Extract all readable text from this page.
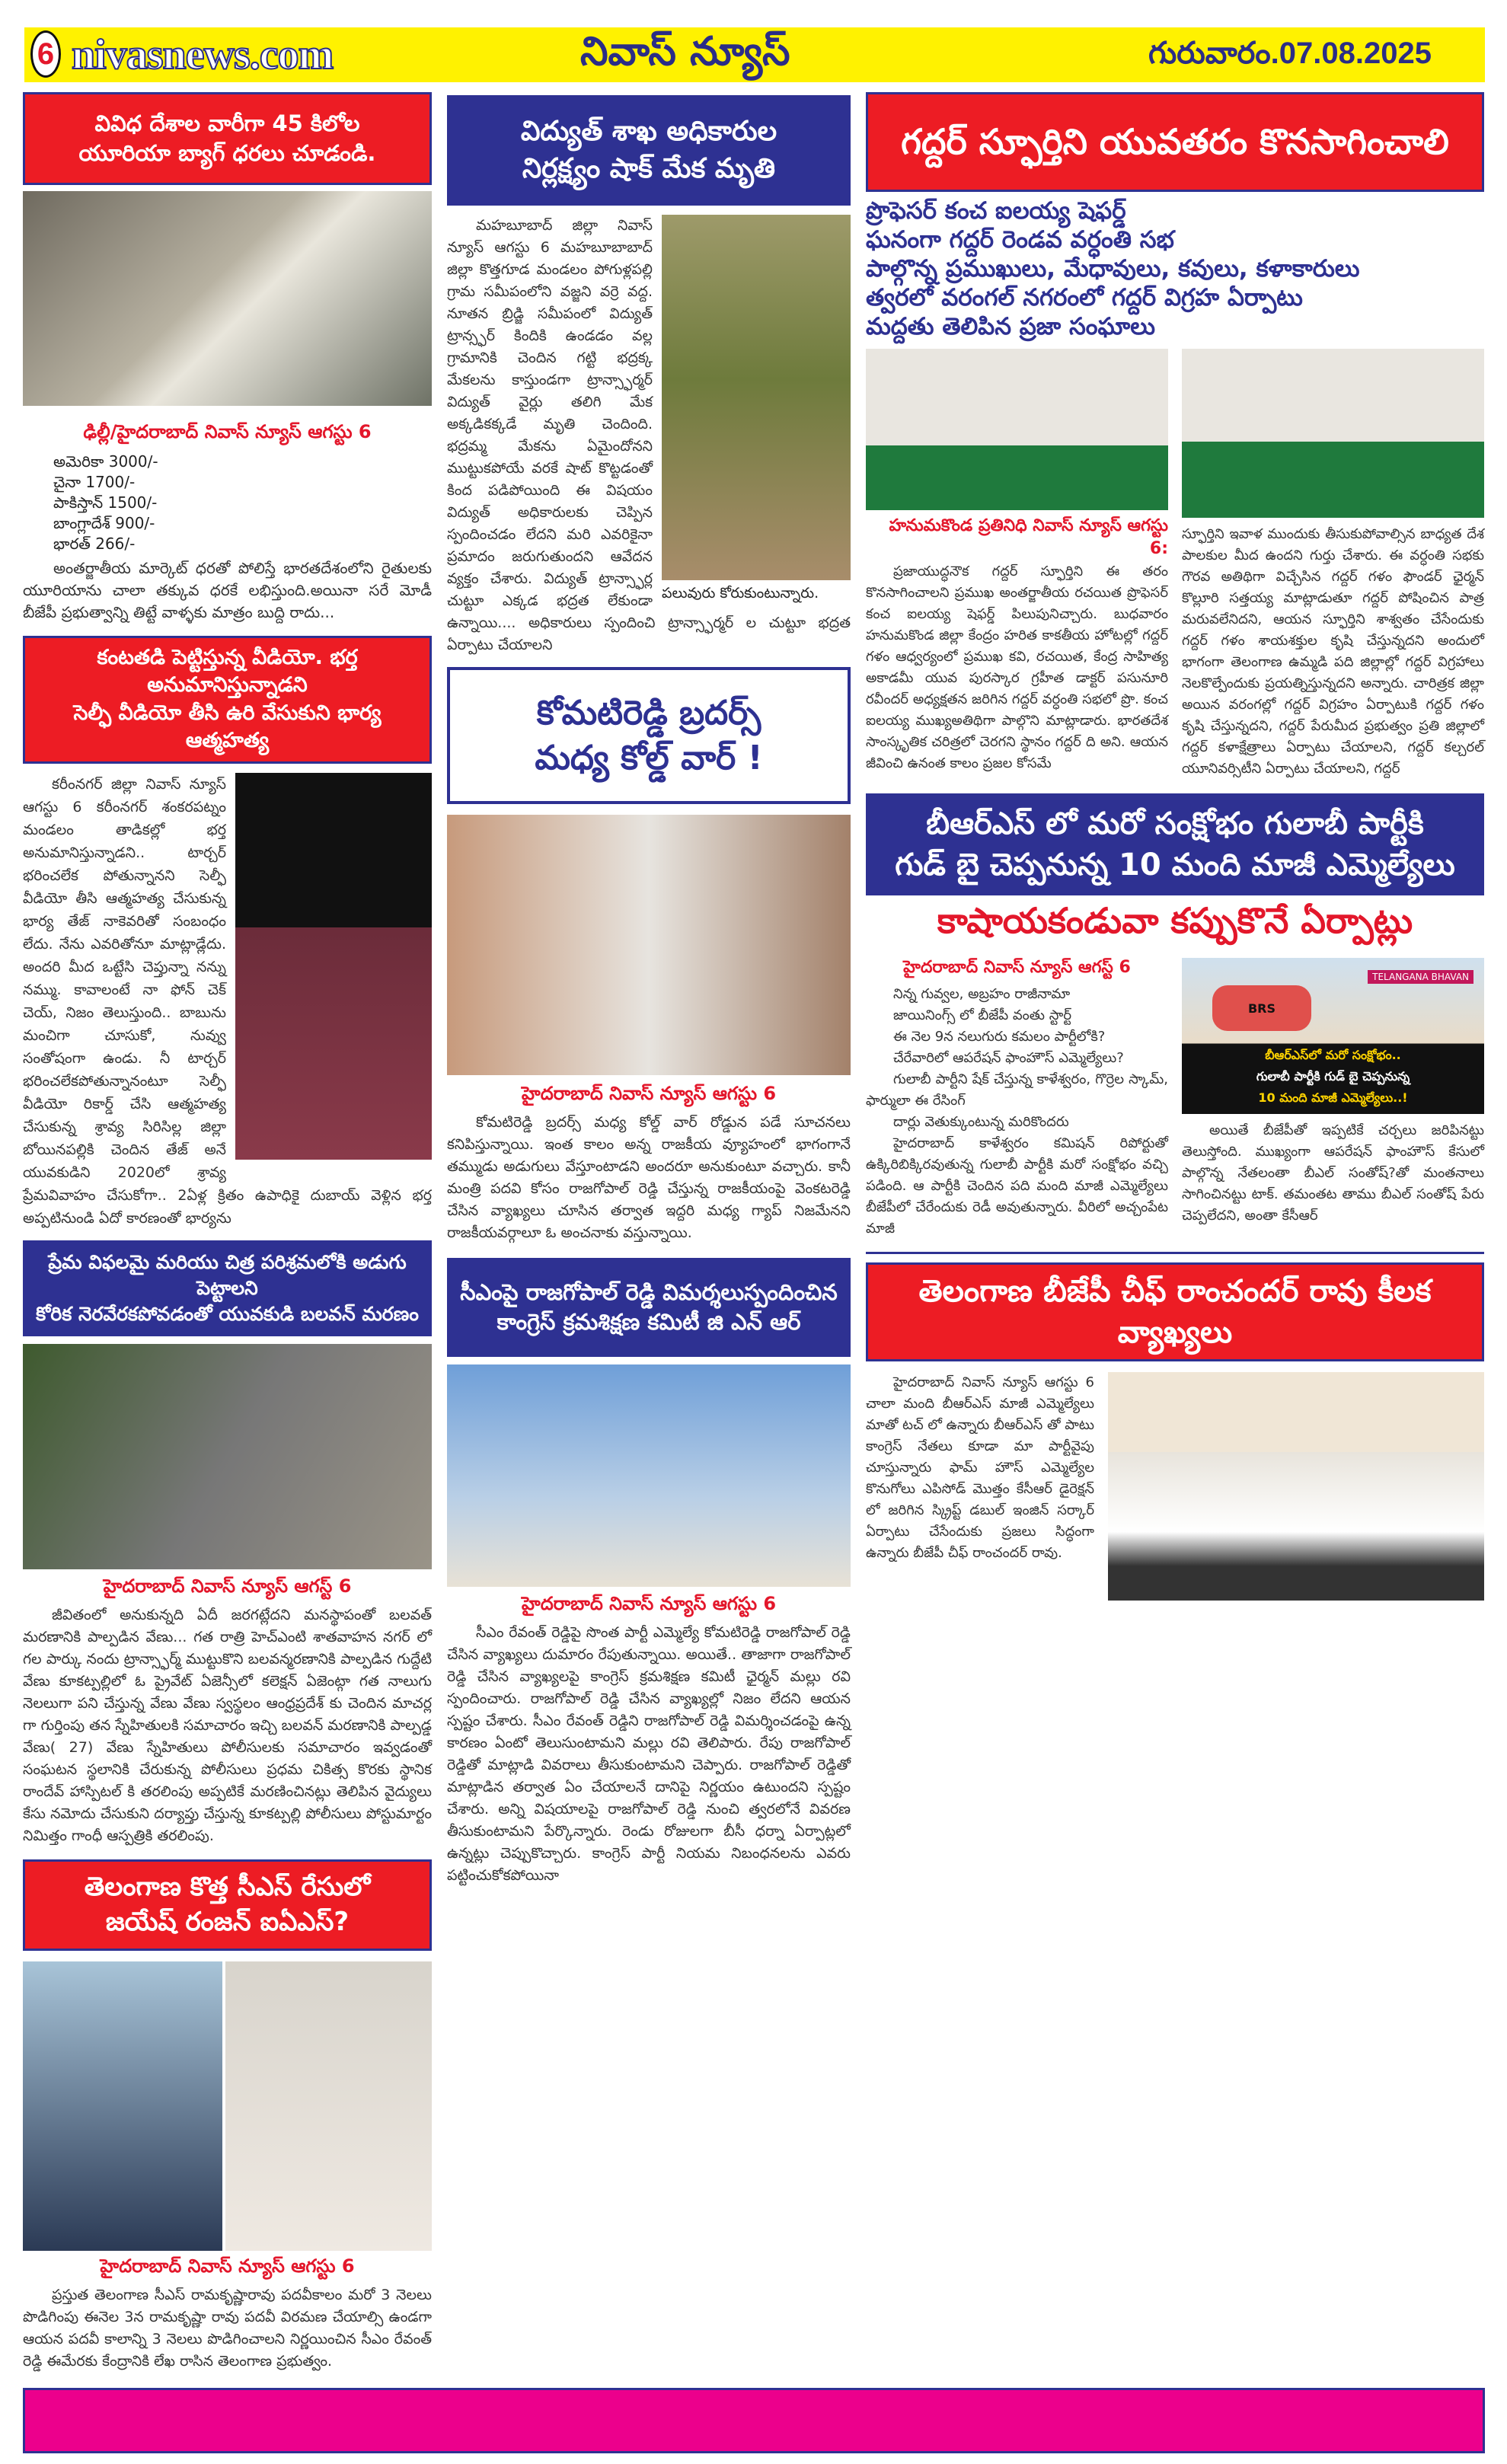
6 nivasnews.com	నివాస్ న్యూస్	గురువారం.07.08.2025
వివిధ దేశాల వారీగా 45 కిలోల
యూరియా బ్యాగ్ ధరలు చూడండి.
ఢిల్లీ/హైదరాబాద్ నివాస్ న్యూస్ ఆగస్టు 6
అమెరికా 3000/-
చైనా 1700/-
పాకిస్తాన్ 1500/-
బాంగ్లాదేశ్ 900/-
భారత్ 266/-

అంతర్జాతీయ మార్కెట్ ధరతో పోలిస్తే భారతదేశంలోని రైతులకు యూరియాను చాలా తక్కువ ధరకే లభిస్తుంది.అయినా సరే మోడీ బీజేపీ ప్రభుత్వాన్ని తిట్టే వాళ్ళకు మాత్రం బుద్ది రాదు...

కంటతడి పెట్టిస్తున్న వీడియో. భర్త అనుమానిస్తున్నాడని
సెల్ఫీ వీడియో తీసి ఉరి వేసుకుని భార్య ఆత్మహత్య

కరీంనగర్ జిల్లా నివాస్ న్యూస్ ఆగస్టు 6 కరీంనగర్ శంకరపట్నం మండలం తాడికల్లో భర్త అనుమానిస్తున్నాడని.. టార్చర్ భరించలేక పోతున్నానని సెల్ఫీ వీడియో తీసి ఆత్మహత్య చేసుకున్న భార్య తేజ్ నాకెవరితో సంబంధం లేదు. నేను ఎవరితోనూ మాట్లాడ్లేదు. అందరి మీద ఒట్టేసి చెప్తున్నా నన్ను నమ్ము. కావాలంటే నా ఫోన్ చెక్ చెయ్, నిజం తెలుస్తుంది.. బాబును మంచిగా చూసుకో, నువ్వు సంతోషంగా ఉండు. నీ టార్చర్ భరించలేకపోతున్నానంటూ సెల్ఫీ వీడియో రికార్డ్ చేసి ఆత్మహత్య చేసుకున్న శ్రావ్య సిరిసిల్ల జిల్లా బోయినపల్లికి చెందిన తేజ్ అనే యువకుడిని 2020లో శ్రావ్య ప్రేమవివాహం చేసుకోగా.. 2ఏళ్ల క్రితం ఉపాధికై దుబాయ్ వెళ్లిన భర్త అప్పటినుండి ఏదో కారణంతో భార్యను

ప్రేమ విఫలమై మరియు చిత్ర పరిశ్రమలోకి అడుగు పెట్టాలని
కోరిక నెరవేరకపోవడంతో యువకుడి బలవన్ మరణం
హైదరాబాద్ నివాస్ న్యూస్ ఆగస్ట్ 6

జీవితంలో అనుకున్నది ఏదీ జరగట్లేదని మనస్థాపంతో బలవత్ మరణానికి పాల్పడిన వేణు... గత రాత్రి హెచ్ఎంటి శాతవాహన నగర్ లో గల పార్కు నందు ట్రాన్స్ఫార్మ్ ముట్టుకొని బలవన్మరణానికి పాల్పడిన గుద్దేటి వేణు కూకట్పల్లిలో ఓ ప్రైవేట్ ఏజెన్సీలో కలెక్షన్ ఏజెంట్గా గత నాలుగు నెలలుగా పని చేస్తున్న వేణు వేణు స్వస్థలం ఆంధ్రప్రదేశ్ కు చెందిన మాచర్ల గా గుర్తింపు తన స్నేహితులకి సమాచారం ఇచ్చి బలవన్ మరణానికి పాల్పడ్డ వేణు( 27) వేణు స్నేహితులు పోలీసులకు సమాచారం ఇవ్వడంతో సంఘటన స్థలానికి చేరుకున్న పోలీసులు ప్రధమ చికిత్స కొరకు స్థానిక రాందేవ్ హాస్పిటల్ కి తరలింపు అప్పటికే మరణించినట్లు తెలిపిన వైద్యులు కేసు నమోదు చేసుకుని దర్యాప్తు చేస్తున్న కూకట్పల్లి పోలీసులు పోస్టుమార్టం నిమిత్తం గాంధీ ఆస్పత్రికి తరలింపు.

తెలంగాణ కొత్త సీఎస్ రేసులో
జయేష్ రంజన్ ఐఏఎస్?
హైదరాబాద్ నివాస్ న్యూస్ ఆగస్టు 6

ప్రస్తుత తెలంగాణ సీఎస్ రామకృష్ణారావు పదవీకాలం మరో 3 నెలలు పొడిగింపు ఈనెల 3న రామకృష్ణా రావు పదవీ విరమణ చేయాల్సి ఉండగా ఆయన పదవీ కాలాన్ని 3 నెలలు పొడిగించాలని నిర్ణయించిన సీఎం రేవంత్ రెడ్డి ఈమేరకు కేంద్రానికి లేఖ రాసిన తెలంగాణ ప్రభుత్వం.

విద్యుత్ శాఖ అధికారుల
నిర్లక్ష్యం షాక్ మేక మృతి
పలువురు కోరుకుంటున్నారు.

మహబూబాద్ జిల్లా నివాస్ న్యూస్ ఆగస్టు 6 మహబూబాబాద్ జిల్లా కొత్తగూడ మండలం పోగుళ్లపల్లి గ్రామ సమీపంలోని వజ్జని వర్రె వద్ద. నూతన బ్రిడ్జి సమీపంలో విద్యుత్ ట్రాన్స్ఫర్ కిందికి ఉండడం వల్ల గ్రామానికి చెందిన గట్టి భద్రక్క మేకలను కాస్తుండగా ట్రాన్స్ఫార్మర్ విద్యుత్ వైర్లు తలిగి మేక అక్కడికక్కడే మృతి చెందింది. భద్రమ్మ మేకను ఏమైందోనని ముట్టుకపోయే వరకే షాట్ కొట్టడంతో కింద పడిపోయింది ఈ విషయం విద్యుత్ అధికారులకు చెప్పిన స్పందించడం లేదని మరి ఎవరికైనా ప్రమాదం జరుగుతుందని ఆవేదన వ్యక్తం చేశారు. విద్యుత్ ట్రాన్స్ఫార్ల చుట్టూ ఎక్కడ భద్రత లేకుండా ఉన్నాయి.... అధికారులు స్పందించి ట్రాన్స్ఫార్మర్ ల చుట్టూ భద్రత ఏర్పాటు చేయాలని

కోమటిరెడ్డి బ్రదర్స్
మధ్య కోల్డ్ వార్ !
హైదరాబాద్ నివాస్ న్యూస్ ఆగస్టు 6

కోమటిరెడ్డి బ్రదర్స్ మధ్య కోల్డ్ వార్ రోడ్డున పడే సూచనలు కనిపిస్తున్నాయి. ఇంత కాలం అన్న రాజకీయ వ్యూహంలో భాగంగానే తమ్ముడు అడుగులు వేస్తూంటాడని అందరూ అనుకుంటూ వచ్చారు. కానీ మంత్రి పదవి కోసం రాజగోపాల్ రెడ్డి చేస్తున్న రాజకీయంపై వెంకటరెడ్డి చేసిన వ్యాఖ్యలు చూసిన తర్వాత ఇద్దరి మధ్య గ్యాప్ నిజమేనని రాజకీయవర్గాలూ ఓ అంచనాకు వస్తున్నాయి.

సీఎంపై రాజగోపాల్ రెడ్డి విమర్శలుస్పందించిన
కాంగ్రెస్ క్రమశిక్షణ కమిటీ జి ఎన్ ఆర్
హైదరాబాద్ నివాస్ న్యూస్ ఆగస్టు 6

సీఎం రేవంత్ రెడ్డిపై సొంత పార్టీ ఎమ్మెల్యే కోమటిరెడ్డి రాజగోపాల్ రెడ్డి చేసిన వ్యాఖ్యలు దుమారం రేపుతున్నాయి. అయితే.. తాజాగా రాజగోపాల్ రెడ్డి చేసిన వ్యాఖ్యలపై కాంగ్రెస్ క్రమశిక్షణ కమిటీ ఛైర్మన్ మల్లు రవి స్పందించారు. రాజగోపాల్ రెడ్డి చేసిన వ్యాఖ్యల్లో నిజం లేదని ఆయన స్పష్టం చేశారు. సీఎం రేవంత్ రెడ్డిని రాజగోపాల్ రెడ్డి విమర్శించడంపై ఉన్న కారణం ఏంటో తెలుసుంటామని మల్లు రవి తెలిపారు. రేపు రాజగోపాల్ రెడ్డితో మాట్లాడి వివరాలు తీసుకుంటామని చెప్పారు. రాజగోపాల్ రెడ్డితో మాట్లాడిన తర్వాత ఏం చేయాలనే దానిపై నిర్ణయం ఉటుందని స్పష్టం చేశారు. అన్ని విషయాలపై రాజగోపాల్ రెడ్డి నుంచి త్వరలోనే వివరణ తీసుకుంటామని పేర్కొన్నారు. రెండు రోజులగా బీసీ ధర్నా ఏర్పాట్లలో ఉన్నట్లు చెప్పుకొచ్చారు. కాంగ్రెస్ పార్టీ నియమ నిబంధనలను ఎవరు పట్టించుకోకపోయినా

గద్దర్ స్ఫూర్తిని యువతరం కొనసాగించాలి
ప్రొఫెసర్ కంచ ఐలయ్య షెఫర్డ్
ఘనంగా గద్దర్ రెండవ వర్ధంతి సభ
పాల్గొన్న ప్రముఖులు, మేధావులు, కవులు, కళాకారులు
త్వరలో వరంగల్ నగరంలో గద్దర్ విగ్రహ ఏర్పాటు
మద్దతు తెలిపిన ప్రజా సంఘాలు
హనుమకొండ ప్రతినిధి నివాస్ న్యూస్ ఆగస్టు 6:

ప్రజాయుద్ధనౌక గద్దర్ స్ఫూర్తిని ఈ తరం కొనసాగించాలని ప్రముఖ అంతర్జాతీయ రచయిత ప్రొఫెసర్ కంచ ఐలయ్య షెఫర్డ్ పిలుపునిచ్చారు. బుధవారం హనుమకొండ జిల్లా కేంద్రం హరిత కాకతీయ హోటల్లో గద్దర్ గళం ఆధ్వర్యంలో ప్రముఖ కవి, రచయిత, కేంద్ర సాహిత్య అకాడమీ యువ పురస్కార గ్రహీత డాక్టర్ పసునూరి రవీందర్ అధ్యక్షతన జరిగిన గద్దర్ వర్ధంతి సభలో ప్రొ. కంచ ఐలయ్య ముఖ్యఅతిథిగా పాల్గొని మాట్లాడారు. భారతదేశ సాంస్కృతిక చరిత్రలో చెరగని స్థానం గద్దర్ ది అని. ఆయన జీవించి ఉనంత కాలం ప్రజల కోసమే

స్ఫూర్తిని ఇవాళ ముందుకు తీసుకుపోవాల్సిన బాధ్యత దేశ పాలకుల మీద ఉందని గుర్తు చేశారు. ఈ వర్ధంతి సభకు గౌరవ అతిథిగా విచ్చేసిన గద్దర్ గళం ఫౌండర్ ఛైర్మన్ కొల్లూరి సత్తయ్య మాట్లాడుతూ గద్దర్ పోషించిన పాత్ర మరువలేనిదని, ఆయన స్ఫూర్తిని శాశ్వతం చేసేందుకు గద్దర్ గళం శాయశక్తుల కృషి చేస్తున్నదని అందులో భాగంగా తెలంగాణ ఉమ్మడి పది జిల్లాల్లో గద్దర్ విగ్రహాలు నెలకొల్పేందుకు ప్రయత్నిస్తున్నదని అన్నారు. చారిత్రక జిల్లా అయిన వరంగల్లో గద్దర్ విగ్రహం ఏర్పాటుకి గద్దర్ గళం కృషి చేస్తున్నదని, గద్దర్ పేరుమీద ప్రభుత్వం ప్రతి జిల్లాలో గద్దర్ కళాక్షేత్రాలు ఏర్పాటు చేయాలని, గద్దర్ కల్చరల్ యూనివర్సిటీని ఏర్పాటు చేయాలని, గద్దర్

బీఆర్ఎస్ లో మరో సంక్షోభం గులాబీ పార్టీకి
గుడ్ బై చెప్పనున్న 10 మంది మాజీ ఎమ్మెల్యేలు
కాషాయకండువా కప్పుకొనే ఏర్పాట్లు
హైదరాబాద్ నివాస్ న్యూస్ ఆగస్ట్ 6

నిన్న గువ్వల, అబ్రహం రాజీనామా

జాయినింగ్స్ లో బీజేపీ వంతు స్టార్ట్

ఈ నెల 9న నలుగురు కమలం పార్టీలోకి?

చేరేవారిలో ఆపరేషన్ ఫాంహౌస్ ఎమ్మెల్యేలు?

గులాబీ పార్టీని షేక్ చేస్తున్న కాళేశ్వరం, గొర్రెల స్కామ్, ఫార్ములా ఈ రేసింగ్

దార్లు వెతుక్కుంటున్న మరికొందరు

హైదరాబాద్ కాళేశ్వరం కమిషన్ రిపోర్టుతో ఉక్కిరిబిక్కిరవుతున్న గులాబీ పార్టీకి మరో సంక్షోభం వచ్చి పడింది. ఆ పార్టీకి చెందిన పది మంది మాజీ ఎమ్మెల్యేలు బీజేపీలో చేరేందుకు రెడీ అవుతున్నారు. వీరిలో అచ్చంపేట మాజీ

TELANGANA BHAVAN
BRS
బీఆర్ఎస్‌లో మరో సంక్షోభం..
గులాబీ పార్టీకి గుడ్ బై చెప్పనున్న
10 మంది మాజీ ఎమ్మెల్యేలు..!

అయితే బీజేపీతో ఇప్పటికే చర్చలు జరిపినట్టు తెలుస్తోంది. ముఖ్యంగా ఆపరేషన్ ఫాంహౌస్ కేసులో పాల్గొన్న నేతలంతా బీఎల్ సంతోష్?తో మంతనాలు సాగించినట్టు టాక్. తమంతట తాము బీఎల్ సంతోష్ పేరు చెప్పలేదని, అంతా కేసీఆర్

తెలంగాణ బీజేపీ చీఫ్ రాంచందర్ రావు కీలక వ్యాఖ్యలు

హైదరాబాద్ నివాస్ న్యూస్ ఆగస్టు 6 చాలా మంది బీఆర్ఎస్ మాజీ ఎమ్మెల్యేలు మాతో టచ్ లో ఉన్నారు బీఆర్ఎస్ తో పాటు కాంగ్రెస్ నేతలు కూడా మా పార్టీవైపు చూస్తున్నారు ఫామ్ హౌస్ ఎమ్మెల్యేల కొనుగోలు ఎపిసోడ్ మొత్తం కేసీఆర్ డైరెక్షన్ లో జరిగిన స్క్రిప్ట్ డబుల్ ఇంజిన్ సర్కార్ ఏర్పాటు చేసేందుకు ప్రజలు సిద్ధంగా ఉన్నారు బీజేపీ చీఫ్ రాంచందర్ రావు.
